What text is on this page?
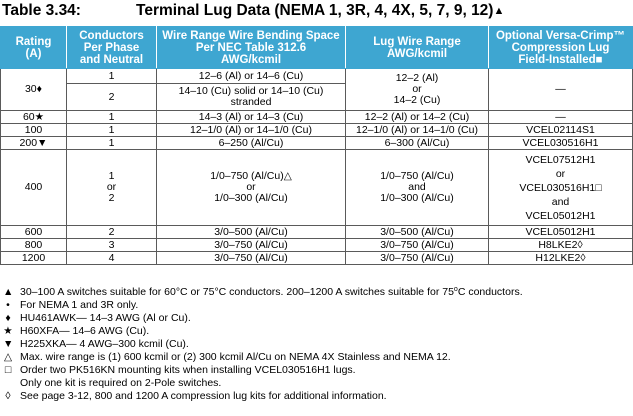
Table 3.34:	Terminal Lug Data (NEMA 1, 3R, 4, 4X, 5, 7, 9, 12)▲
Rating
(A)	Conductors
Per Phase
and Neutral	Wire Range Wire Bending Space
Per NEC Table 312.6
AWG/kcmil	Lug Wire Range
AWG/kcmil	Optional Versa-Crimp™
Compression Lug
Field-Installed■

30♦	1	12–6 (Al) or 14–6 (Cu)	12–2 (Al)
or
14–2 (Cu)	—
	2	14–10 (Cu) solid or 14–10 (Cu)
stranded		

60★	1	14–3 (Al) or 14–3 (Cu)	12–2 (Al) or 14–2 (Cu)	—
100	1	12–1/0 (Al) or 14–1/0 (Cu)	12–1/0 (Al) or 14–1/0 (Cu)	VCEL02114S1
200▼	1	6–250 (Al/Cu)	6–300 (Al/Cu)	VCEL030516H1
400	1
or
2	1/0–750 (Al/Cu)△
or
1/0–300 (Al/Cu)	1/0–750 (Al/Cu)
and
1/0–300 (Al/Cu)	VCEL07512H1
or
VCEL030516H1□
and
VCEL05012H1

600	2	3/0–500 (Al/Cu)	3/0–500 (Al/Cu)	VCEL05012H1
800	3	3/0–750 (Al/Cu)	3/0–750 (Al/Cu)	H8LKE2◊
1200	4	3/0–750 (Al/Cu)	3/0–750 (Al/Cu)	H12LKE2◊
▲ 30–100 A switches suitable for 60°C or 75°C conductors. 200–1200 A switches suitable for 75$^o$C conductors.
• For NEMA 1 and 3R only.
♦ HU461AWK— 14–3 AWG (Al or Cu).
★ H60XFA— 14–6 AWG (Cu).
▼ H225XKA— 4 AWG–300 kcmil (Cu).
△ Max. wire range is (1) 600 kcmil or (2) 300 kcmil Al/Cu on NEMA 4X Stainless and NEMA 12.
□ Order two PK516KN mounting kits when installing VCEL030516H1 lugs.
Only one kit is required on 2-Pole switches.
◊ See page 3-12, 800 and 1200 A compression lug kits for additional information.
